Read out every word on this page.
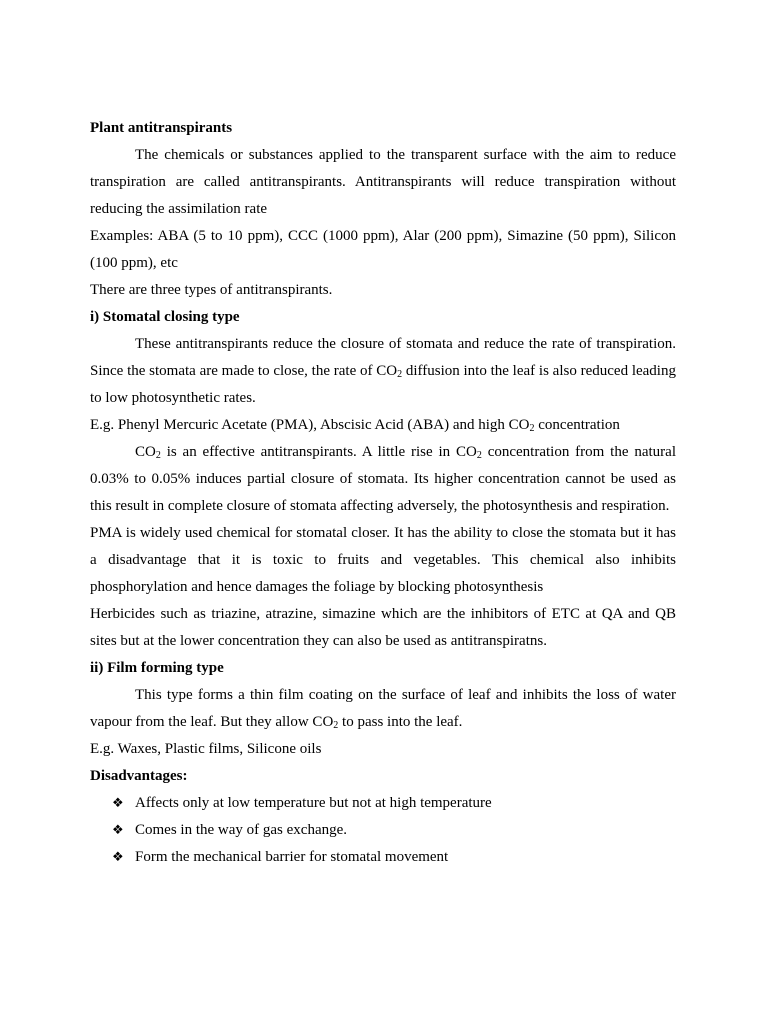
Plant antitranspirants

The chemicals or substances applied to the transparent surface with the aim to reduce transpiration are called antitranspirants. Antitranspirants will reduce transpiration without reducing the assimilation rate

Examples: ABA (5 to 10 ppm), CCC (1000 ppm), Alar (200 ppm), Simazine (50 ppm), Silicon (100 ppm), etc

There are three types of antitranspirants.

i) Stomatal closing type

These antitranspirants reduce the closure of stomata and reduce the rate of transpiration. Since the stomata are made to close, the rate of $CO_2$ diffusion into the leaf is also reduced leading to low photosynthetic rates.

E.g. Phenyl Mercuric Acetate (PMA), Abscisic Acid (ABA) and high $CO_2$ concentration

$CO_2$ is an effective antitranspirants. A little rise in $CO_2$ concentration from the natural 0.03% to 0.05% induces partial closure of stomata. Its higher concentration cannot be used as this result in complete closure of stomata affecting adversely, the photosynthesis and respiration.

PMA is widely used chemical for stomatal closer. It has the ability to close the stomata but it has a disadvantage that it is toxic to fruits and vegetables. This chemical also inhibits phosphorylation and hence damages the foliage by blocking photosynthesis

Herbicides such as triazine, atrazine, simazine which are the inhibitors of ETC at QA and QB sites but at the lower concentration they can also be used as antitranspiratns.

ii) Film forming type

This type forms a thin film coating on the surface of leaf and inhibits the loss of water vapour from the leaf. But they allow $CO_2$ to pass into the leaf.

E.g. Waxes, Plastic films, Silicone oils

Disadvantages:

❖ Affects only at low temperature but not at high temperature
❖ Comes in the way of gas exchange.
❖ Form the mechanical barrier for stomatal movement
